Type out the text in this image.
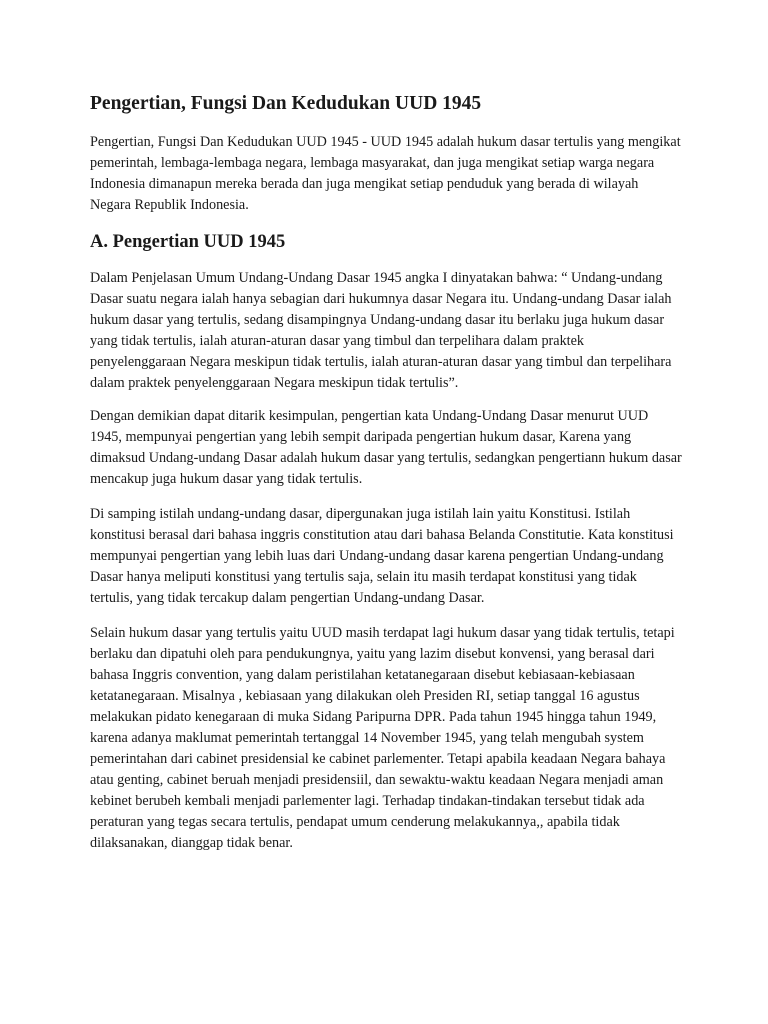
Pengertian, Fungsi Dan Kedudukan UUD 1945

Pengertian, Fungsi Dan Kedudukan UUD 1945 - UUD 1945 adalah hukum dasar tertulis yang mengikat pemerintah, lembaga-lembaga negara, lembaga masyarakat, dan juga mengikat setiap warga negara Indonesia dimanapun mereka berada dan juga mengikat setiap penduduk yang berada di wilayah Negara Republik Indonesia.

A. Pengertian UUD 1945

Dalam Penjelasan Umum Undang-Undang Dasar 1945 angka I dinyatakan bahwa: “ Undang-undang Dasar suatu negara ialah hanya sebagian dari hukumnya dasar Negara itu. Undang-undang Dasar ialah hukum dasar yang tertulis, sedang disampingnya Undang-undang dasar itu berlaku juga hukum dasar yang tidak tertulis, ialah aturan-aturan dasar yang timbul dan terpelihara dalam praktek penyelenggaraan Negara meskipun tidak tertulis, ialah aturan-aturan dasar yang timbul dan terpelihara dalam praktek penyelenggaraan Negara meskipun tidak tertulis”.

Dengan demikian dapat ditarik kesimpulan, pengertian kata Undang-Undang Dasar menurut UUD 1945, mempunyai pengertian yang lebih sempit daripada pengertian hukum dasar, Karena yang dimaksud Undang-undang Dasar adalah hukum dasar yang tertulis, sedangkan pengertiann hukum dasar mencakup juga hukum dasar yang tidak tertulis.

Di samping istilah undang-undang dasar, dipergunakan juga istilah lain yaitu Konstitusi. Istilah konstitusi berasal dari bahasa inggris constitution atau dari bahasa Belanda Constitutie. Kata konstitusi mempunyai pengertian yang lebih luas dari Undang-undang dasar karena pengertian Undang-undang Dasar hanya meliputi konstitusi yang tertulis saja, selain itu masih terdapat konstitusi yang tidak tertulis, yang tidak tercakup dalam pengertian Undang-undang Dasar.

Selain hukum dasar yang tertulis yaitu UUD masih terdapat lagi hukum dasar yang tidak tertulis, tetapi berlaku dan dipatuhi oleh para pendukungnya, yaitu yang lazim disebut konvensi, yang berasal dari bahasa Inggris convention, yang dalam peristilahan ketatanegaraan disebut kebiasaan-kebiasaan ketatanegaraan. Misalnya , kebiasaan yang dilakukan oleh Presiden RI, setiap tanggal 16 agustus melakukan pidato kenegaraan di muka Sidang Paripurna DPR. Pada tahun 1945 hingga tahun 1949, karena adanya maklumat pemerintah tertanggal 14 November 1945, yang telah mengubah system pemerintahan dari cabinet presidensial ke cabinet parlementer. Tetapi apabila keadaan Negara bahaya atau genting, cabinet beruah menjadi presidensiil, dan sewaktu-waktu keadaan Negara menjadi aman kebinet berubeh kembali menjadi parlementer lagi. Terhadap tindakan-tindakan tersebut tidak ada peraturan yang tegas secara tertulis, pendapat umum cenderung melakukannya,, apabila tidak dilaksanakan, dianggap tidak benar.
